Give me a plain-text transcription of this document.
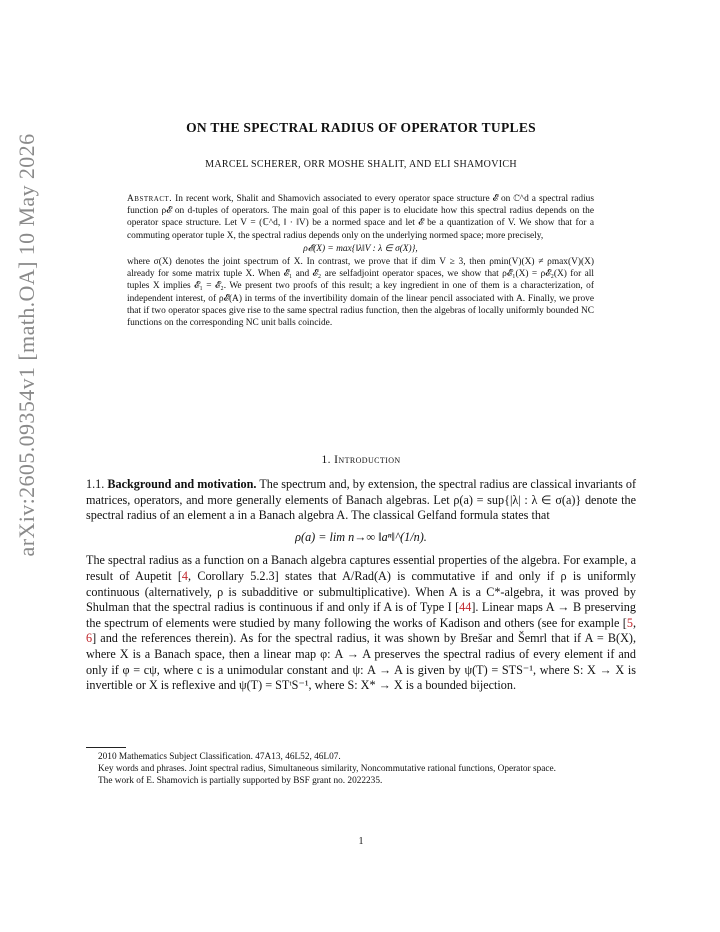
arXiv:2605.09354v1 [math.OA] 10 May 2026
ON THE SPECTRAL RADIUS OF OPERATOR TUPLES
MARCEL SCHERER, ORR MOSHE SHALIT, AND ELI SHAMOVICH
Abstract. In recent work, Shalit and Shamovich associated to every operator space structure 𝓔 on ℂ^d a spectral radius function ρ𝓔 on d-tuples of operators. The main goal of this paper is to elucidate how this spectral radius depends on the operator space structure. Let V = (ℂ^d, ‖ · ‖V) be a normed space and let 𝓔 be a quantization of V. We show that for a commuting operator tuple X, the spectral radius depends only on the underlying normed space; more precisely,
ρ𝓔(X) = max{‖λ‖V : λ ∈ σ(X)},
where σ(X) denotes the joint spectrum of X. In contrast, we prove that if dim V ≥ 3, then ρmin(V)(X) ≠ ρmax(V)(X) already for some matrix tuple X. When 𝓔₁ and 𝓔₂ are selfadjoint operator spaces, we show that ρ𝓔₁(X) = ρ𝓔₂(X) for all tuples X implies 𝓔₁ = 𝓔₂. We present two proofs of this result; a key ingredient in one of them is a characterization, of independent interest, of ρ𝓔(A) in terms of the invertibility domain of the linear pencil associated with A. Finally, we prove that if two operator spaces give rise to the same spectral radius function, then the algebras of locally uniformly bounded NC functions on the corresponding NC unit balls coincide.
1. Introduction

1.1. Background and motivation. The spectrum and, by extension, the spectral radius are classical invariants of matrices, operators, and more generally elements of Banach algebras. Let ρ(a) = sup{|λ| : λ ∈ σ(a)} denote the spectral radius of an element a in a Banach algebra A. The classical Gelfand formula states that

ρ(a) = lim n→∞ ‖aⁿ‖^(1/n).

The spectral radius as a function on a Banach algebra captures essential properties of the algebra. For example, a result of Aupetit [4, Corollary 5.2.3] states that A/Rad(A) is commutative if and only if ρ is uniformly continuous (alternatively, ρ is subadditive or submultiplicative). When A is a C*-algebra, it was proved by Shulman that the spectral radius is continuous if and only if A is of Type I [44]. Linear maps A → B preserving the spectrum of elements were studied by many following the works of Kadison and others (see for example [5, 6] and the references therein). As for the spectral radius, it was shown by Brešar and Šemrl that if A = B(X), where X is a Banach space, then a linear map φ: A → A preserves the spectral radius of every element if and only if φ = cψ, where c is a unimodular constant and ψ: A → A is given by ψ(T) = STS⁻¹, where S: X → X is invertible or X is reflexive and ψ(T) = STᵗS⁻¹, where S: X* → X is a bounded bijection.

2010 Mathematics Subject Classification. 47A13, 46L52, 46L07.

Key words and phrases. Joint spectral radius, Simultaneous similarity, Noncommutative rational functions, Operator space.

The work of E. Shamovich is partially supported by BSF grant no. 2022235.

1
